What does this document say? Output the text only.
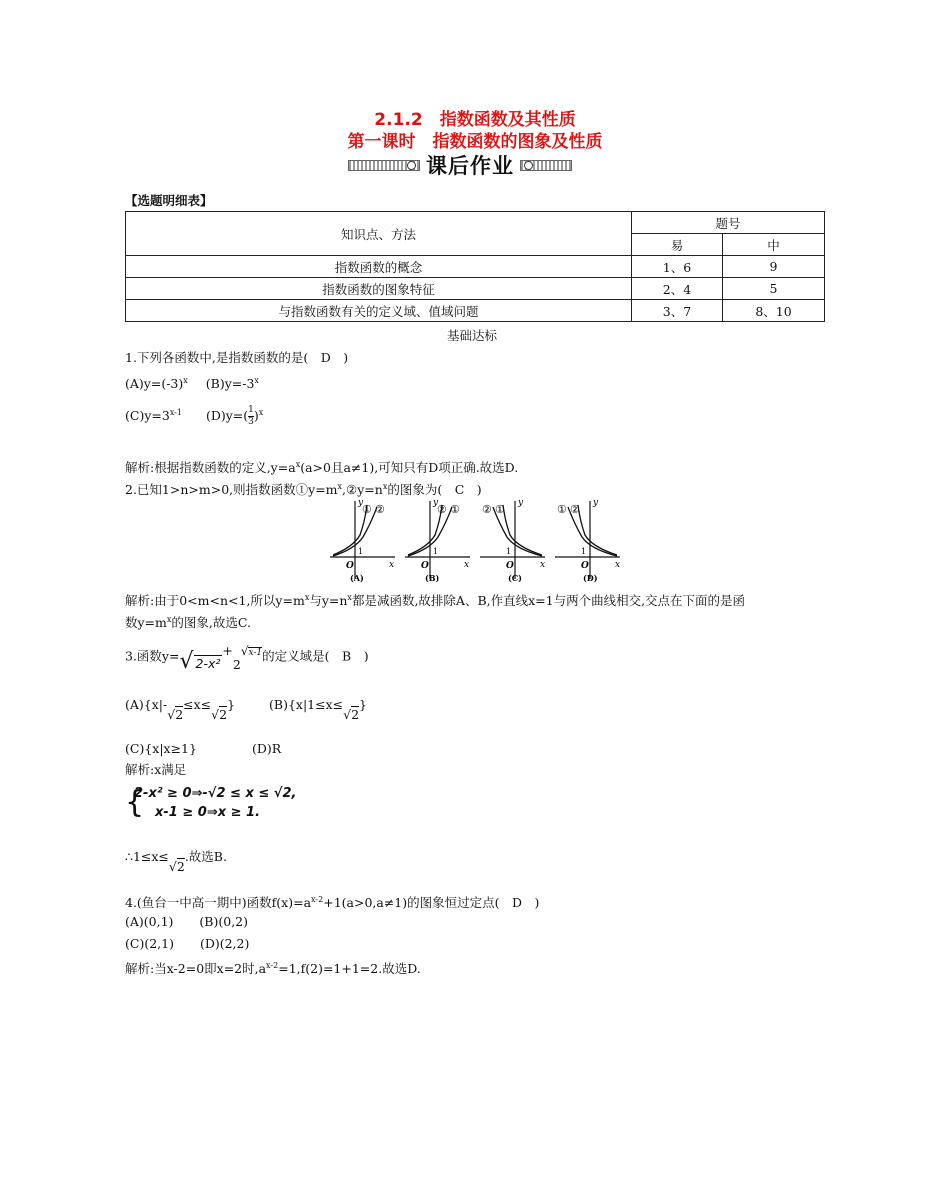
2.1.2　指数函数及其性质
第一课时　指数函数的图象及性质
课后作业
【选题明细表】
知识点、方法	题号	
	易	中
指数函数的概念	1、6	9
指数函数的图象特征	2、4	5
与指数函数有关的定义域、值域问题	3、7	8、10
基础达标
1.下列各函数中,是指数函数的是(　D　)
$(A)y=(-3)^x$ $(B)y=-3^x$
$(C)y=3^{x-1}$ $(D)y=( \frac{1}{3} )^x$
解析:根据指数函数的定义$,y=a^x(a>0$且a≠1),可知只有D项正确.故选D.
2.已知1>n>m>0,则指数函数$①y=m^x,②y=n^x$的图象为(　C　)
y
x
O
1
① ②
(A)
y
x
O
1
② ①
(B)
y
x
O
1
② ①
(C)
y
x
O
1
① ②
(D)
解析:由于0<m<n<1,所以$y=m^x$与$y=n^x$都是减函数,故排除A、B,作直线x=1与两个曲线相交,交点在下面的是函
数$y=m^x$的图象,故选C.
3.函数y=√ 2-x²+2√x-1的定义域是(　B　)
(A){x|-√2≤x≤√2}	(B){x|1≤x≤√2}
(C){x|x≥1}	(D)R
解析:x满足
{
2-x² ≥ 0⇒-√2 ≤ x ≤ √2,
x-1 ≥ 0⇒x ≥ 1.
∴1≤x≤√2.故选B.
4.(鱼台一中高一期中)函数$f(x)=a^{x-2}+1(a>0,a\ne 1)$的图象恒过定点(　D　)
(A)(0,1) (B)(0,2)
(C)(2,1) (D)(2,2)
解析:当x-2=0即x=2时$,a^{x-2}=1,f(2)=1+1=2$.故选D.
